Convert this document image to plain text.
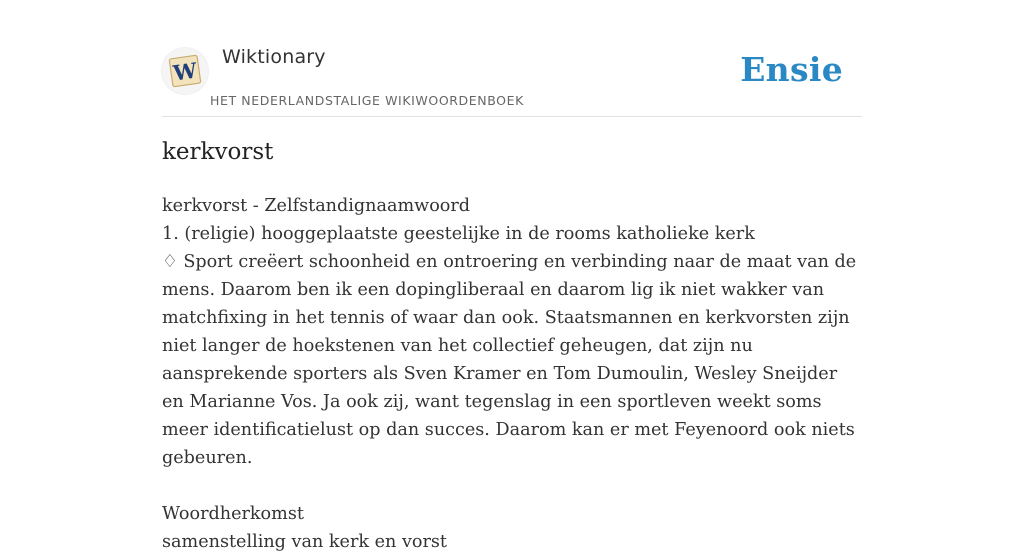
W
Wiktionary
HET NEDERLANDSTALIGE WIKIWOORDENBOEK
Ensie
kerkvorst

kerkvorst - Zelfstandignaamwoord

1. (religie) hooggeplaatste geestelijke in de rooms katholieke kerk

♢ Sport creëert schoonheid en ontroering en verbinding naar de maat van de mens. Daarom ben ik een dopingliberaal en daarom lig ik niet wakker van matchfixing in het tennis of waar dan ook. Staatsmannen en kerkvorsten zijn niet langer de hoekstenen van het collectief geheugen, dat zijn nu aansprekende sporters als Sven Kramer en Tom Dumoulin, Wesley Sneijder en Marianne Vos. Ja ook zij, want tegenslag in een sportleven weekt soms meer identificatielust op dan succes. Daarom kan er met Feyenoord ook niets gebeuren.

Woordherkomst

samenstelling van kerk en vorst
